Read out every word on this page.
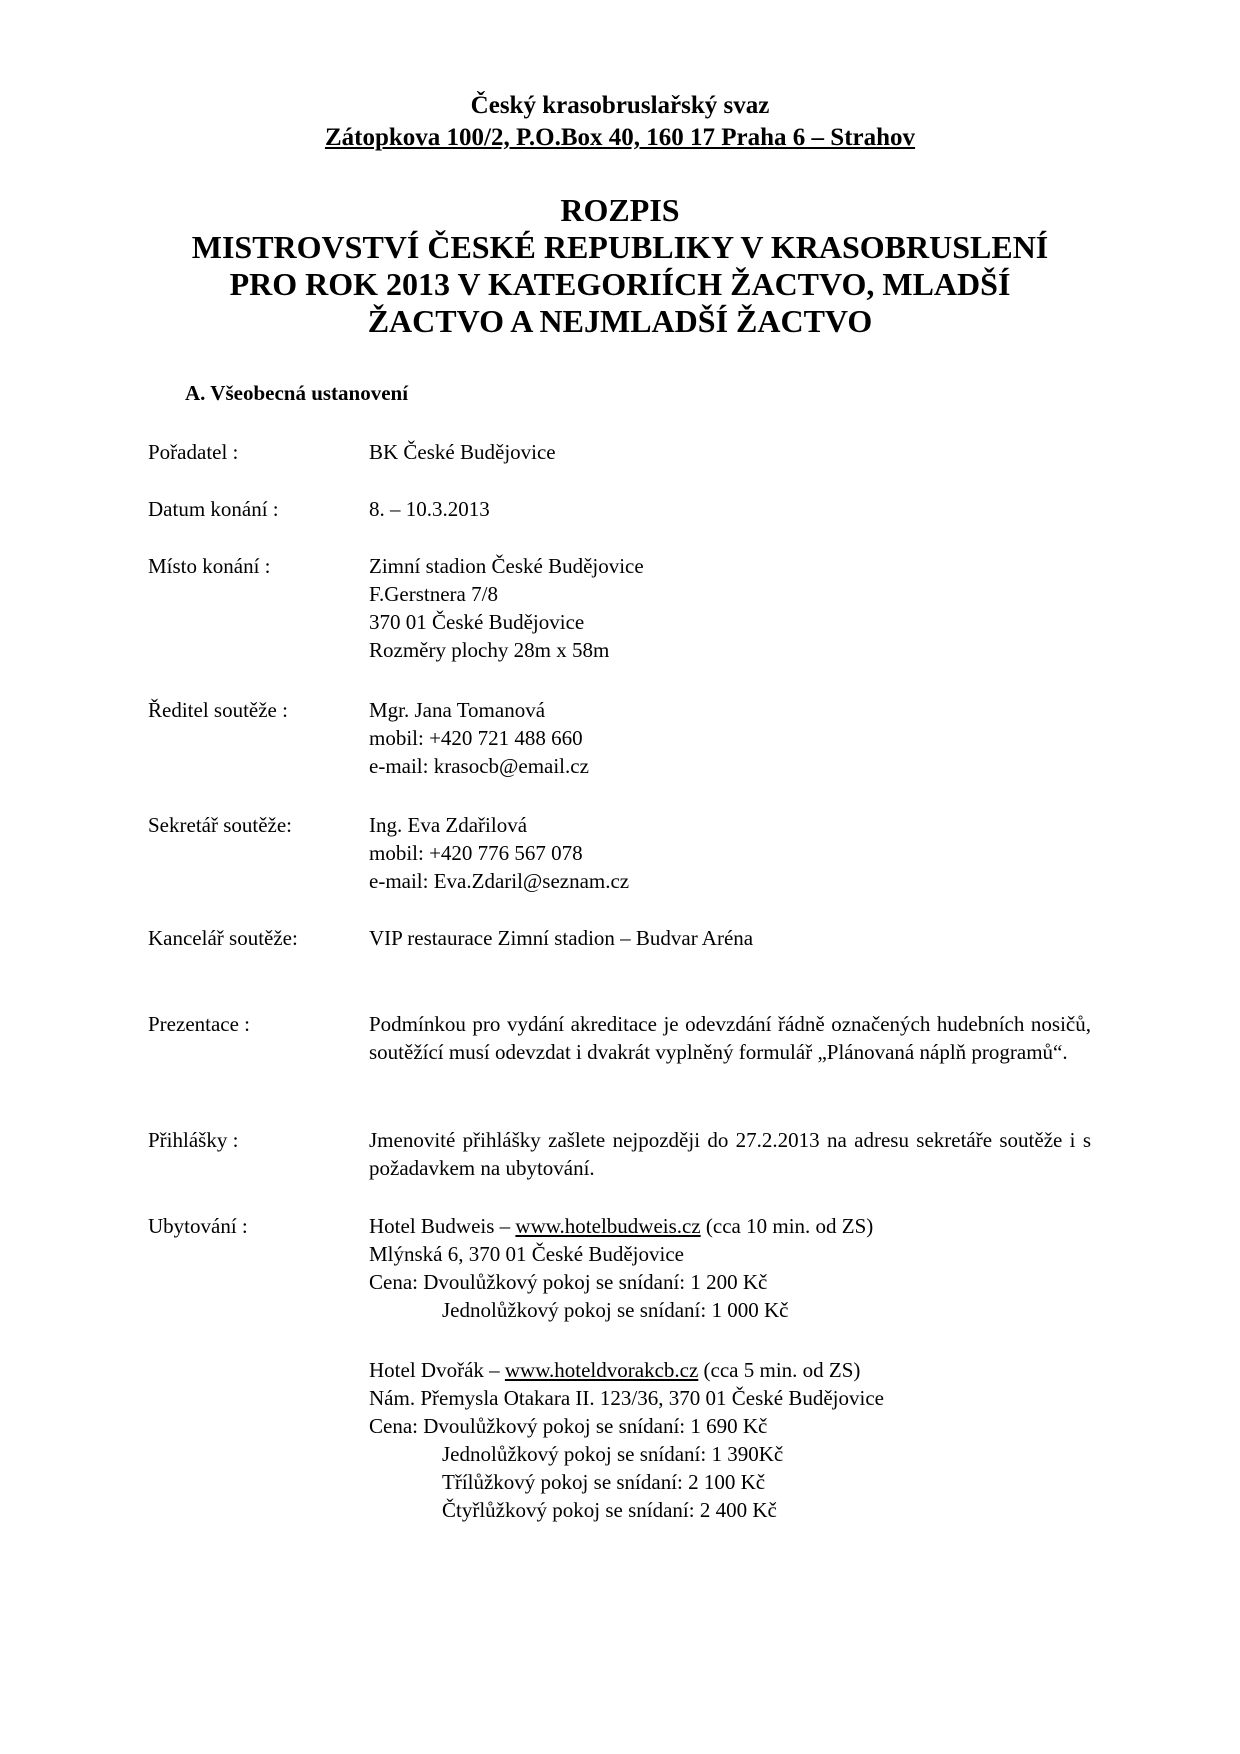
Český krasobruslařský svaz
Zátopkova 100/2, P.O.Box 40, 160 17 Praha 6 – Strahov
ROZPIS
MISTROVSTVÍ ČESKÉ REPUBLIKY V KRASOBRUSLENÍ
PRO ROK 2013 V KATEGORIÍCH ŽACTVO, MLADŠÍ
ŽACTVO A NEJMLADŠÍ ŽACTVO
A. Všeobecná ustanovení
Pořadatel :	BK České Budějovice
Datum konání :	8. – 10.3.2013
Místo konání :	Zimní stadion České Budějovice
F.Gerstnera 7/8
370 01 České Budějovice
Rozměry plochy 28m x 58m
Ředitel soutěže :	Mgr. Jana Tomanová
mobil: +420 721 488 660
e-mail: krasocb@email.cz
Sekretář soutěže:	Ing. Eva Zdařilová
mobil: +420 776 567 078
e-mail: Eva.Zdaril@seznam.cz
Kancelář soutěže:	VIP restaurace Zimní stadion – Budvar Aréna
Prezentace :	Podmínkou pro vydání akreditace je odevzdání řádně označených hudebních nosičů, soutěžící musí odevzdat i dvakrát vyplněný formulář „Plánovaná náplň programů“.
Přihlášky :	Jmenovité přihlášky zašlete nejpozději do 27.2.2013 na adresu sekretáře soutěže i s požadavkem na ubytování.
Ubytování :	Hotel Budweis – www.hotelbudweis.cz (cca 10 min. od ZS)
Mlýnská 6, 370 01 České Budějovice
Cena: Dvoulůžkový pokoj se snídaní: 1 200 Kč
Jednolůžkový pokoj se snídaní: 1 000 Kč
Hotel Dvořák – www.hoteldvorakcb.cz (cca 5 min. od ZS)
Nám. Přemysla Otakara II. 123/36, 370 01 České Budějovice
Cena: Dvoulůžkový pokoj se snídaní: 1 690 Kč
Jednolůžkový pokoj se snídaní: 1 390Kč
Třílůžkový pokoj se snídaní: 2 100 Kč
Čtyřlůžkový pokoj se snídaní: 2 400 Kč
